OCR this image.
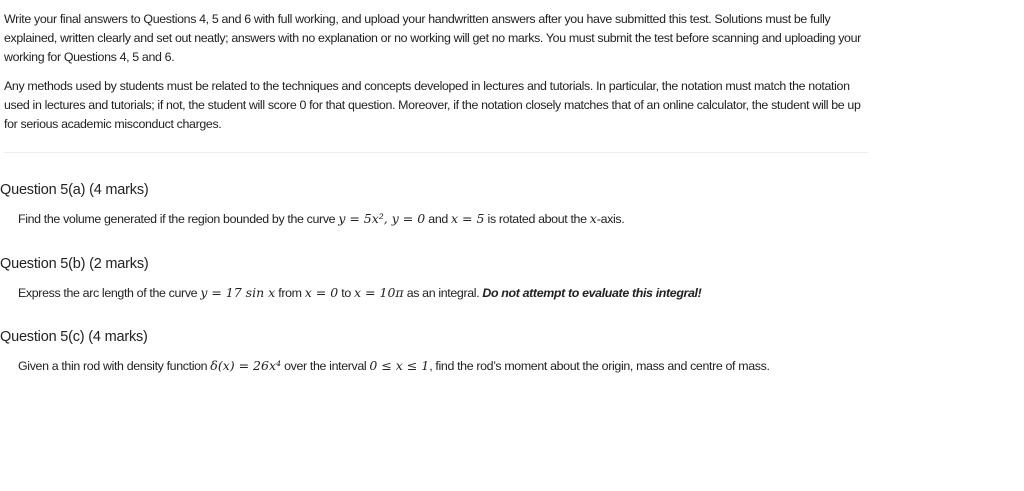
Write your final answers to Questions 4, 5 and 6 with full working, and upload your handwritten answers after you have submitted this test. Solutions must be fully explained, written clearly and set out neatly; answers with no explanation or no working will get no marks. You must submit the test before scanning and uploading your working for Questions 4, 5 and 6.
Any methods used by students must be related to the techniques and concepts developed in lectures and tutorials. In particular, the notation must match the notation used in lectures and tutorials; if not, the student will score 0 for that question. Moreover, if the notation closely matches that of an online calculator, the student will be up for serious academic misconduct charges.
Question 5(a) (4 marks)
Find the volume generated if the region bounded by the curve y = 5x², y = 0 and x = 5 is rotated about the x-axis.
Question 5(b) (2 marks)
Express the arc length of the curve y = 17 sin x from x = 0 to x = 10π as an integral. Do not attempt to evaluate this integral!
Question 5(c) (4 marks)
Given a thin rod with density function δ(x) = 26x⁴ over the interval 0 ≤ x ≤ 1, find the rod’s moment about the origin, mass and centre of mass.
